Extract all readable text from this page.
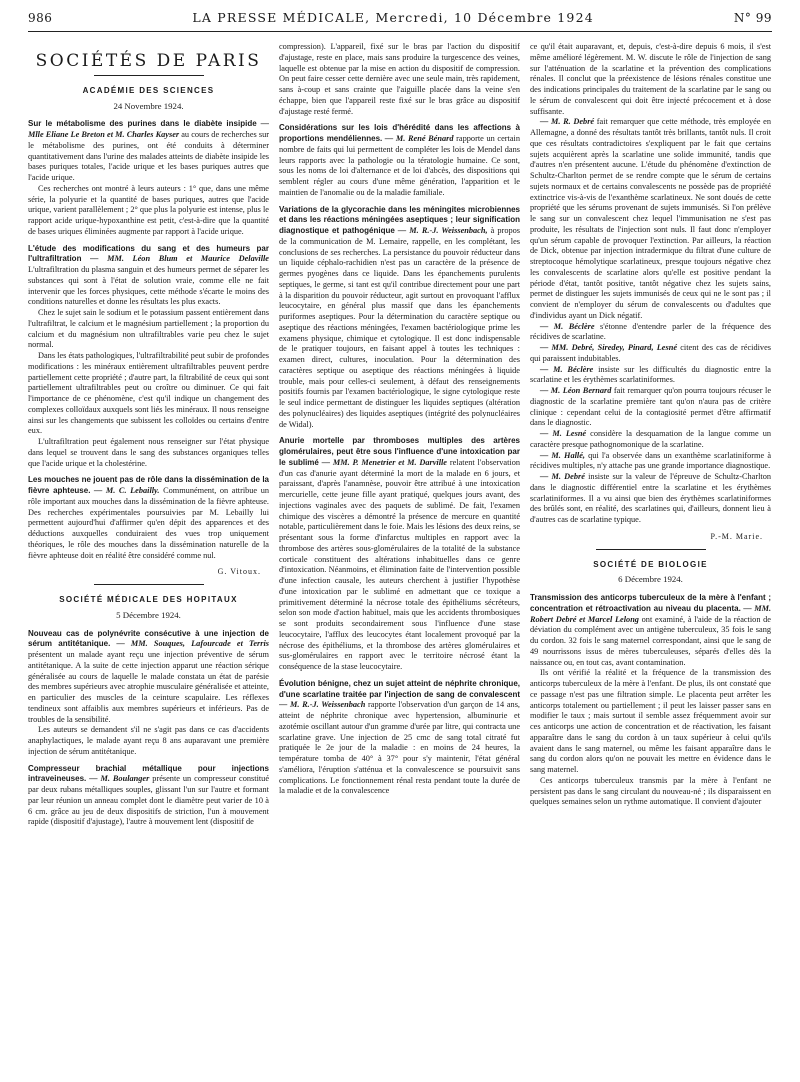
986	LA PRESSE MÉDICALE, Mercredi, 10 Décembre 1924	N° 99
SOCIÉTÉS DE PARIS
ACADÉMIE DES SCIENCES
24 Novembre 1924.

Sur le métabolisme des purines dans le diabète insipide — Mlle Eliane Le Breton et M. Charles Kayser au cours de recherches sur le métabolisme des purines, ont été conduits à déterminer quantitativement dans l'urine des malades atteints de diabète insipide les bases puriques totales, l'acide urique et les bases puriques autres que l'acide urique.

Ces recherches ont montré à leurs auteurs : 1° que, dans une même série, la polyurie et la quantité de bases puriques, autres que l'acide urique, varient parallèlement ; 2° que plus la polyurie est intense, plus le rapport acide urique-hypoxanthine est petit, c'est-à-dire que la quantité de bases uriques éliminées augmente par rapport à l'acide urique.

L'étude des modifications du sang et des humeurs par l'ultrafiltration — MM. Léon Blum et Maurice Delaville L'ultrafiltration du plasma sanguin et des humeurs permet de séparer les substances qui sont à l'état de solution vraie, comme elle ne fait intervenir que les forces physiques, cette méthode s'écarte le moins des conditions naturelles et donne les résultats les plus exacts.

Chez le sujet sain le sodium et le potassium passent entièrement dans l'ultrafiltrat, le calcium et le magnésium partiellement ; la proportion du calcium et du magnésium non ultrafiltrables varie peu chez le sujet normal.

Dans les états pathologiques, l'ultrafiltrabilité peut subir de profondes modifications : les minéraux entièrement ultrafiltrables peuvent perdre partiellement cette propriété ; d'autre part, la filtrabilité de ceux qui sont partiellement ultrafiltrables peut ou croître ou diminuer. Ce qui fait l'importance de ce phénomène, c'est qu'il indique un changement des complexes colloïdaux auxquels sont liés les minéraux. Il nous renseigne ainsi sur les changements que subissent les colloïdes ou certains d'entre eux.

L'ultrafiltration peut également nous renseigner sur l'état physique dans lequel se trouvent dans le sang des substances organiques telles que l'acide urique et la cholestérine.

Les mouches ne jouent pas de rôle dans la dissémination de la fièvre aphteuse. — M. C. Lebailly. Communément, on attribue un rôle important aux mouches dans la dissémination de la fièvre aphteuse. Des recherches expérimentales poursuivies par M. Lebailly lui permettent aujourd'hui d'affirmer qu'en dépit des apparences et des déductions auxquelles conduiraient des vues trop uniquement théoriques, le rôle des mouches dans la dissémination naturelle de la fièvre aphteuse doit en réalité être considéré comme nul.

G. Vitoux.
SOCIÉTÉ MÉDICALE DES HOPITAUX
5 Décembre 1924.

Nouveau cas de polynévrite consécutive à une injection de sérum antitétanique. — MM. Souques, Lafourcade et Terris présentent un malade ayant reçu une injection préventive de sérum antitétanique. A la suite de cette injection apparut une réaction sérique généralisée au cours de laquelle le malade constata un état de parésie des membres supérieurs avec atrophie musculaire généralisée et atteinte, en particulier des muscles de la ceinture scapulaire. Les réflexes tendineux sont affaiblis aux membres supérieurs et inférieurs. Pas de troubles de la sensibilité.

Les auteurs se demandent s'il ne s'agit pas dans ce cas d'accidents anaphylactiques, le malade ayant reçu 8 ans auparavant une première injection de sérum antitétanique.

Compresseur brachial métallique pour injections intraveineuses. — M. Boulanger présente un compresseur constitué par deux rubans métalliques souples, glissant l'un sur l'autre et formant par leur réunion un anneau complet dont le diamètre peut varier de 10 à 6 cm. grâce au jeu de deux dispositifs de striction, l'un à mouvement rapide (dispositif d'ajustage), l'autre à mouvement lent (dispositif de

compression). L'appareil, fixé sur le bras par l'action du dispositif d'ajustage, reste en place, mais sans produire la turgescence des veines, laquelle est obtenue par la mise en action du dispositif de compression. On peut faire cesser cette dernière avec une seule main, très rapidement, sans à-coup et sans crainte que l'aiguille placée dans la veine s'en échappe, bien que l'appareil reste fixé sur le bras grâce au dispositif d'ajustage resté fermé.

Considérations sur les lois d'hérédité dans les affections à proportions mendéliennes. — M. René Bénard rapporte un certain nombre de faits qui lui permettent de compléter les lois de Mendel dans leurs rapports avec la pathologie ou la tératologie humaine. Ce sont, sous les noms de loi d'alternance et de loi d'abcès, des dispositions qui semblent régler au cours d'une même génération, l'apparition et le maintien de l'anomalie ou de la maladie familiale.

Variations de la glycorachie dans les méningites microbiennes et dans les réactions méningées aseptiques ; leur signification diagnostique et pathogénique — M. R.-J. Weissenbach, à propos de la communication de M. Lemaire, rappelle, en les complétant, les conclusions de ses recherches. La persistance du pouvoir réducteur dans un liquide céphalo-rachidien n'est pas un caractère de la présence de germes pyogènes dans ce liquide. Dans les épanchements purulents septiques, le germe, si tant est qu'il contribue directement pour une part à la disparition du pouvoir réducteur, agit surtout en provoquant l'afflux leucocytaire, en général plus massif que dans les épanchements puriformes aseptiques. Pour la détermination du caractère septique ou aseptique des réactions méningées, l'examen bactériologique prime les examens physique, chimique et cytologique. Il est donc indispensable de le pratiquer toujours, en faisant appel à toutes les techniques : examen direct, cultures, inoculation. Pour la détermination des caractères septique ou aseptique des réactions méningées à liquide trouble, mais pour celles-ci seulement, à défaut des renseignements positifs fournis par l'examen bactériologique, le signe cytologique reste le seul indice permettant de distinguer les liquides septiques (altération des polynucléaires) des liquides aseptiques (intégrité des polynucléaires de Widal).

Anurie mortelle par thromboses multiples des artères glomérulaires, peut être sous l'influence d'une intoxication par le sublimé — MM. P. Menetrier et M. Darville relatent l'observation d'un cas d'anurie ayant déterminé la mort de la malade en 6 jours, et paraissant, d'après l'anamnèse, pouvoir être attribué à une intoxication mercurielle, cette jeune fille ayant pratiqué, quelques jours avant, des injections vaginales avec des paquets de sublimé. De fait, l'examen chimique des viscères a démontré la présence de mercure en quantité notable, particulièrement dans le foie. Mais les lésions des deux reins, se présentant sous la forme d'infarctus multiples en rapport avec la thrombose des artères sous-glomérulaires de la totalité de la substance corticale constituent des altérations inhabituelles dans ce genre d'intoxication. Néanmoins, et élimination faite de l'intervention possible d'une infection causale, les auteurs cherchent à justifier l'hypothèse d'une intoxication par le sublimé en admettant que ce toxique a primitivement déterminé la nécrose totale des épithéliums sécréteurs, selon son mode d'action habituel, mais que les accidents thrombosiques se sont produits secondairement sous l'influence d'une stase leucocytaire, l'afflux des leucocytes étant localement provoqué par la nécrose des épithéliums, et la thrombose des artères glomérulaires et sus-glomérulaires en rapport avec le territoire nécrosé étant la conséquence de la stase leucocytaire.

Évolution bénigne, chez un sujet atteint de néphrite chronique, d'une scarlatine traitée par l'injection de sang de convalescent — M. R.-J. Weissenbach rapporte l'observation d'un garçon de 14 ans, atteint de néphrite chronique avec hypertension, albuminurie et azotémie oscillant autour d'un gramme d'urée par litre, qui contracta une scarlatine grave. Une injection de 25 cmc de sang total citraté fut pratiquée le 2e jour de la maladie : en moins de 24 heures, la température tomba de 40° à 37° pour s'y maintenir, l'état général s'améliora, l'éruption s'atténua et la convalescence se poursuivit sans complications. Le fonctionnement rénal resta pendant toute la durée de la maladie et de la convalescence

ce qu'il était auparavant, et, depuis, c'est-à-dire depuis 6 mois, il s'est même amélioré légèrement. M. W. discute le rôle de l'injection de sang sur l'atténuation de la scarlatine et la prévention des complications rénales. Il conclut que la préexistence de lésions rénales constitue une des indications principales du traitement de la scarlatine par le sang ou le sérum de convalescent qui doit être injecté précocement et à dose suffisante.

— M. R. Debré fait remarquer que cette méthode, très employée en Allemagne, a donné des résultats tantôt très brillants, tantôt nuls. Il croit que ces résultats contradictoires s'expliquent par le fait que certains sujets acquièrent après la scarlatine une solide immunité, tandis que d'autres n'en présentent aucune. L'étude du phénomène d'extinction de Schultz-Charlton permet de se rendre compte que le sérum de certains sujets normaux et de certains convalescents ne possède pas de propriété extinctrice vis-à-vis de l'exanthème scarlatineux. Ne sont doués de cette propriété que les sérums provenant de sujets immunisés. Si l'on prélève le sang sur un convalescent chez lequel l'immunisation ne s'est pas produite, les résultats de l'injection sont nuls. Il faut donc n'employer qu'un sérum capable de provoquer l'extinction. Par ailleurs, la réaction de Dick, obtenue par injection intradermique du filtrat d'une culture de streptocoque hémolytique scarlatineux, presque toujours négative chez les convalescents de scarlatine alors qu'elle est positive pendant la période d'état, tantôt positive, tantôt négative chez les sujets sains, permet de distinguer les sujets immunisés de ceux qui ne le sont pas ; il convient de n'employer du sérum de convalescents ou d'adultes que d'individus ayant un Dick négatif.

— M. Béclère s'étonne d'entendre parler de la fréquence des récidives de scarlatine.

— MM. Debré, Siredey, Pinard, Lesné citent des cas de récidives qui paraissent indubitables.

— M. Béclère insiste sur les difficultés du diagnostic entre la scarlatine et les érythèmes scarlatiniformes.

— M. Léon Bernard fait remarquer qu'on pourra toujours récuser le diagnostic de la scarlatine première tant qu'on n'aura pas de critère clinique : cependant celui de la contagiosité permet d'être affirmatif dans le diagnostic.

— M. Lesné considère la desquamation de la langue comme un caractère presque pathognomonique de la scarlatine.

— M. Hallé, qui l'a observée dans un exanthème scarlatiniforme à récidives multiples, n'y attache pas une grande importance diagnostique.

— M. Debré insiste sur la valeur de l'épreuve de Schultz-Charlton dans le diagnostic différentiel entre la scarlatine et les érythèmes scarlatiniformes. Il a vu ainsi que bien des érythèmes scarlatiniformes des brûlés sont, en réalité, des scarlatines qui, d'ailleurs, donnent lieu à d'autres cas de scarlatine typique.

P.-M. Marie.
SOCIÉTÉ DE BIOLOGIE
6 Décembre 1924.

Transmission des anticorps tuberculeux de la mère à l'enfant ; concentration et rétroactivation au niveau du placenta. — MM. Robert Debré et Marcel Lelong ont examiné, à l'aide de la réaction de déviation du complément avec un antigène tuberculeux, 35 fois le sang du cordon. 32 fois le sang maternel correspondant, ainsi que le sang de 49 nourrissons issus de mères tuberculeuses, séparés d'elles dès la naissance ou, en tout cas, avant contamination.

Ils ont vérifié la réalité et la fréquence de la transmission des anticorps tuberculeux de la mère à l'enfant. De plus, ils ont constaté que ce passage n'est pas une filtration simple. Le placenta peut arrêter les anticorps totalement ou partiellement ; il peut les laisser passer sans en modifier le taux ; mais surtout il semble assez fréquemment avoir sur ces anticorps une action de concentration et de réactivation, les faisant apparaître dans le sang du cordon à un taux supérieur à celui qu'ils avaient dans le sang maternel, ou même les faisant apparaître dans le sang du cordon alors qu'on ne pouvait les mettre en évidence dans le sang maternel.

Ces anticorps tuberculeux transmis par la mère à l'enfant ne persistent pas dans le sang circulant du nouveau-né ; ils disparaissent en quelques semaines selon un rythme automatique. Il convient d'ajouter
